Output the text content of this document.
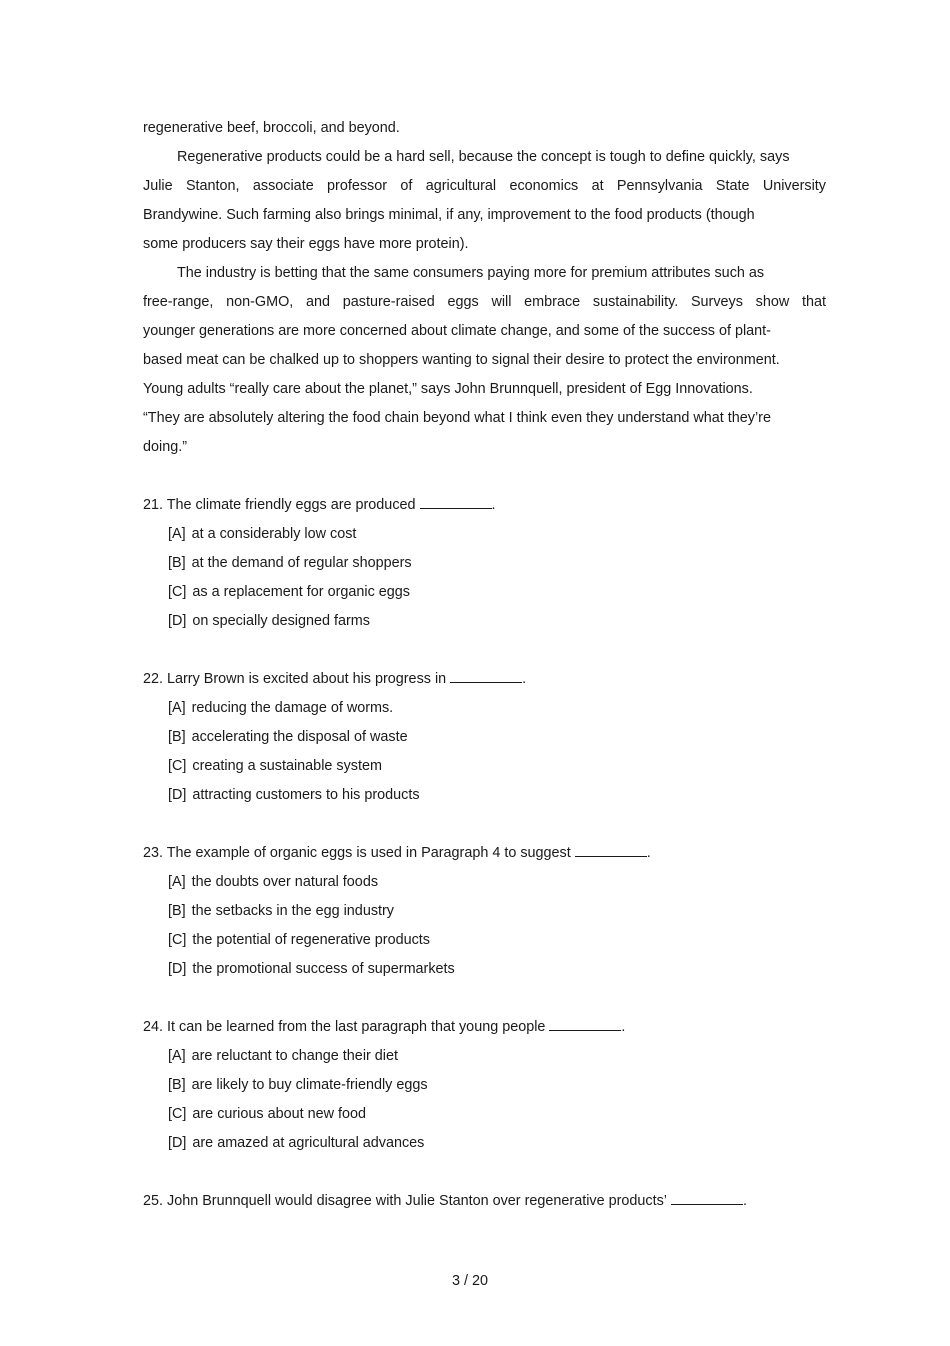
regenerative beef, broccoli, and beyond.
Regenerative products could be a hard sell, because the concept is tough to define quickly, says
Julie Stanton, associate professor of agricultural economics at Pennsylvania State University
Brandywine. Such farming also brings minimal, if any, improvement to the food products (though
some producers say their eggs have more protein).
The industry is betting that the same consumers paying more for premium attributes such as
free-range, non-GMO, and pasture-raised eggs will embrace sustainability. Surveys show that
younger generations are more concerned about climate change, and some of the success of plant-
based meat can be chalked up to shoppers wanting to signal their desire to protect the environment.
Young adults “really care about the planet,” says John Brunnquell, president of Egg Innovations.
“They are absolutely altering the food chain beyond what I think even they understand what they’re
doing.”
21. The climate friendly eggs are produced	.
[A] at a considerably low cost
[B] at the demand of regular shoppers
[C] as a replacement for organic eggs
[D] on specially designed farms
22. Larry Brown is excited about his progress in	.
[A] reducing the damage of worms.
[B] accelerating the disposal of waste
[C] creating a sustainable system
[D] attracting customers to his products
23. The example of organic eggs is used in Paragraph 4 to suggest	.
[A] the doubts over natural foods
[B] the setbacks in the egg industry
[C] the potential of regenerative products
[D] the promotional success of supermarkets
24. It can be learned from the last paragraph that young people	.
[A] are reluctant to change their diet
[B] are likely to buy climate-friendly eggs
[C] are curious about new food
[D] are amazed at agricultural advances
25. John Brunnquell would disagree with Julie Stanton over regenerative products’	.
3 / 20
